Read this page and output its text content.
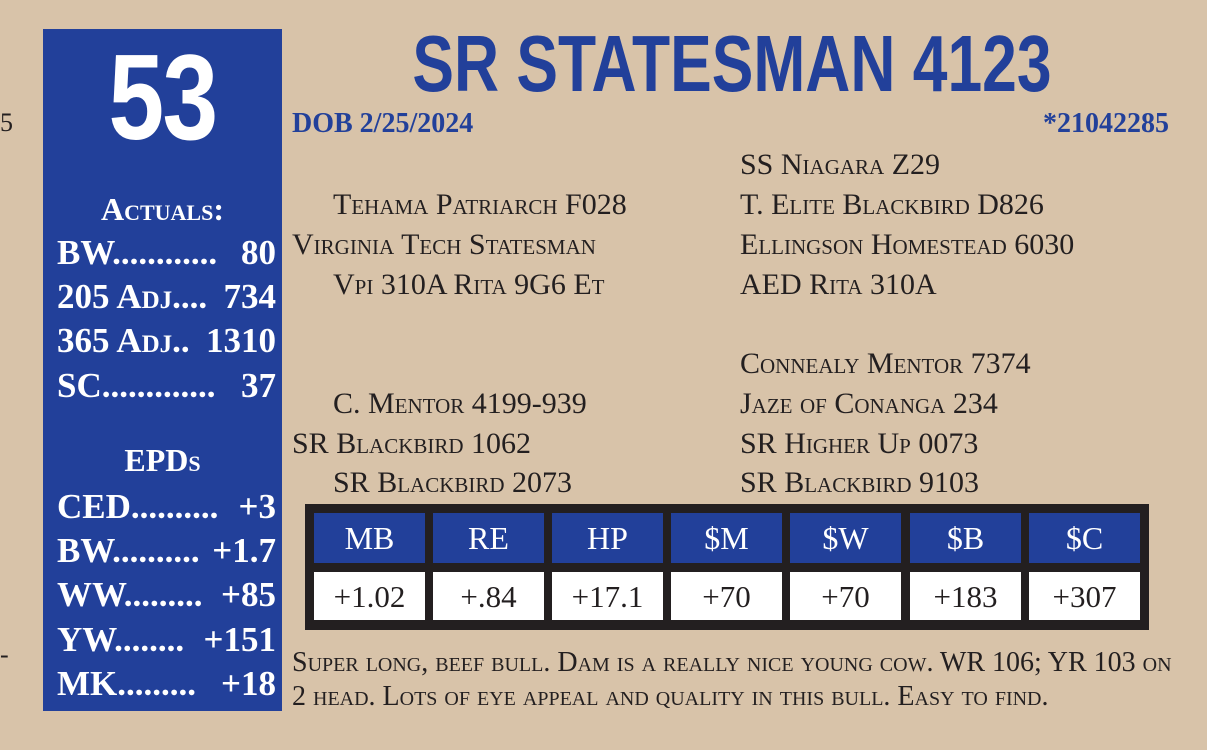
5
-
53
Actuals:
BW............ 80
205 Adj.... 734
365 Adj.. 1310
SC............. 37
EPDs
CED.......... +3
BW.......... +1.7
WW......... +85
YW........ +151
MK......... +18
SR STATESMAN 4123
DOB 2/25/2024	*21042285
Tehama Patriarch F028
Virginia Tech Statesman
Vpi 310A Rita 9G6 Et
SS Niagara Z29
T. Elite Blackbird D826
Ellingson Homestead 6030
AED Rita 310A
C. Mentor 4199-939
SR Blackbird 1062
SR Blackbird 2073
Connealy Mentor 7374
Jaze of Conanga 234
SR Higher Up 0073
SR Blackbird 9103
MB	RE	HP	$M	$W	$B	$C
+1.02	+.84	+17.1	+70	+70	+183	+307
Super long, beef bull. Dam is a really nice young cow. WR 106; YR 103 on 2 head. Lots of eye appeal and quality in this bull. Easy to find.
